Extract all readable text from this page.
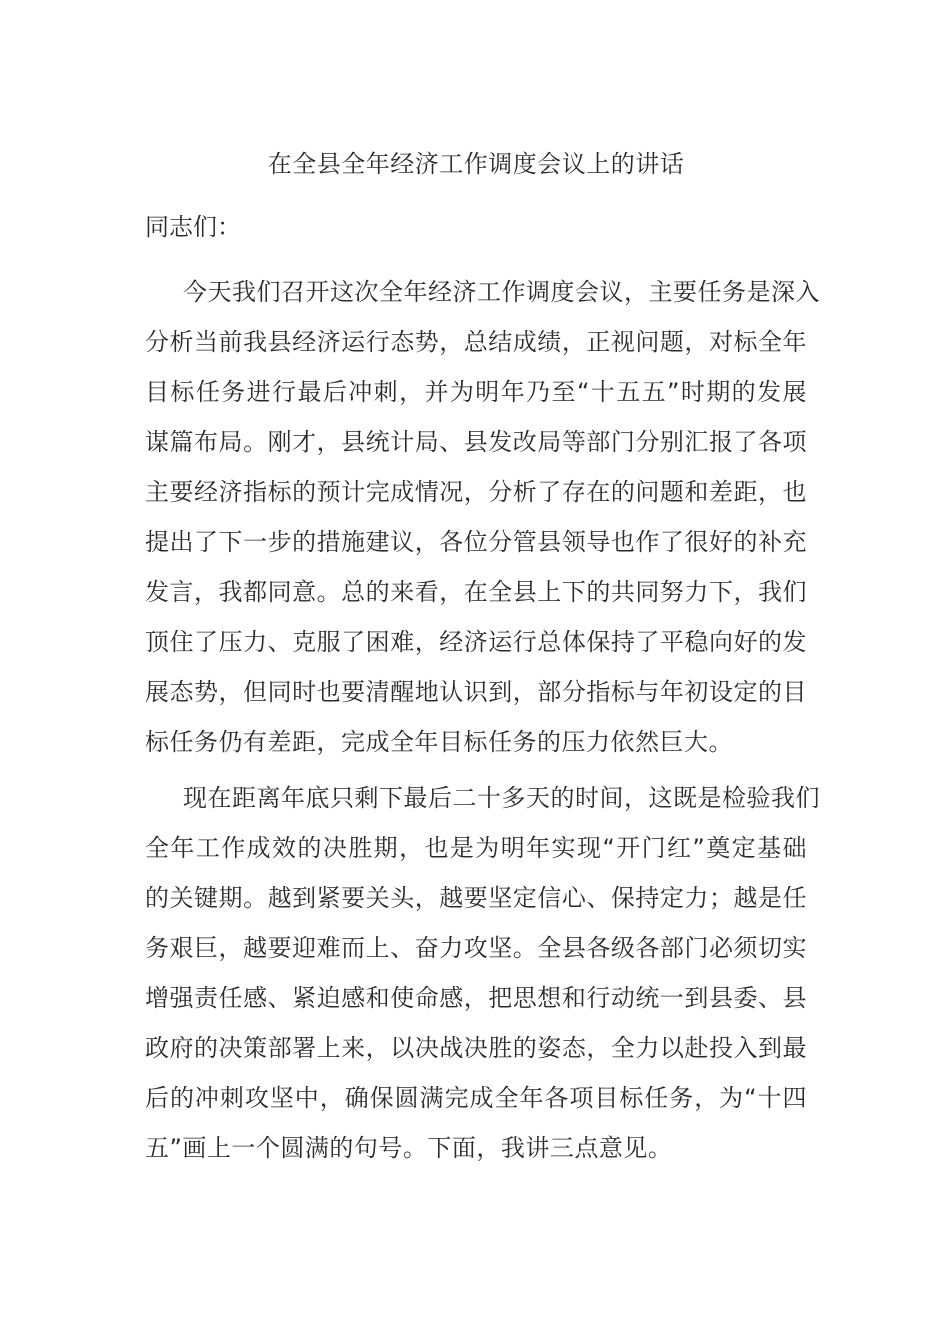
在全县全年经济工作调度会议上的讲话
同志们：
今天我们召开这次全年经济工作调度会议，主要任务是深入
分析当前我县经济运行态势，总结成绩，正视问题，对标全年
目标任务进行最后冲刺，并为明年乃至“十五五”时期的发展
谋篇布局。刚才，县统计局、县发改局等部门分别汇报了各项
主要经济指标的预计完成情况，分析了存在的问题和差距，也
提出了下一步的措施建议，各位分管县领导也作了很好的补充
发言，我都同意。总的来看，在全县上下的共同努力下，我们
顶住了压力、克服了困难，经济运行总体保持了平稳向好的发
展态势，但同时也要清醒地认识到，部分指标与年初设定的目
标任务仍有差距，完成全年目标任务的压力依然巨大。
现在距离年底只剩下最后二十多天的时间，这既是检验我们
全年工作成效的决胜期，也是为明年实现“开门红”奠定基础
的关键期。越到紧要关头，越要坚定信心、保持定力；越是任
务艰巨，越要迎难而上、奋力攻坚。全县各级各部门必须切实
增强责任感、紧迫感和使命感，把思想和行动统一到县委、县
政府的决策部署上来，以决战决胜的姿态，全力以赴投入到最
后的冲刺攻坚中，确保圆满完成全年各项目标任务，为“十四
五”画上一个圆满的句号。下面，我讲三点意见。
